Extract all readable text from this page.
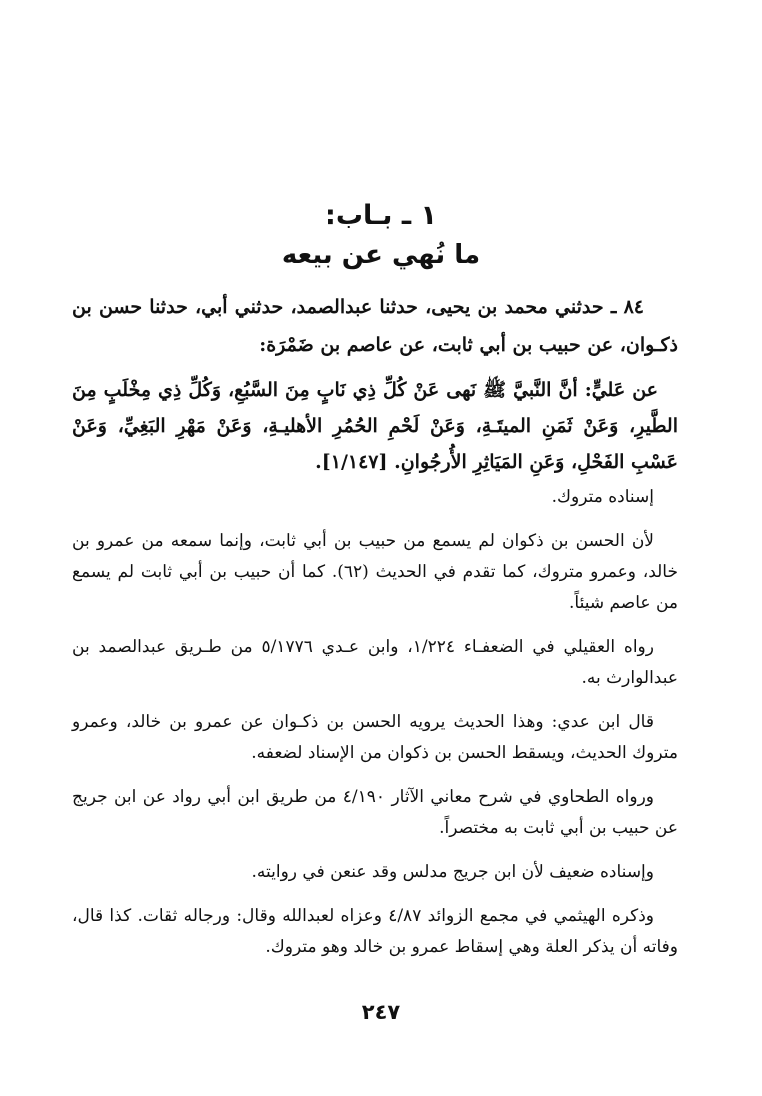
١ ـ بـاب:
ما نُهي عن بيعه

٨٤ ـ حدثني محمد بن يحيى، حدثنا عبدالصمد، حدثني أبي، حدثنا حسن بن ذكـوان، عن حبيب بن أبي ثابت، عن عاصم بن ضَمْرَة:

عن عَليٍّ: أنَّ النَّبيَّ ﷺ نَهى عَنْ كُلِّ ذِي نَابٍ مِنَ السَّبُعِ، وَكُلِّ ذِي مِخْلَبٍ مِنَ الطَّيرِ، وَعَنْ ثَمَنِ الميتَـةِ، وَعَنْ لَحْمِ الحُمُرِ الأهليـةِ، وَعَنْ مَهْرِ البَغِيِّ، وَعَنْ عَسْبِ الفَحْلِ، وَعَنِ المَيَاثِرِ الأُرجُوانِ. [١/١٤٧].

إسناده متروك.

لأن الحسن بن ذكوان لم يسمع من حبيب بن أبي ثابت، وإنما سمعه من عمرو بن خالد، وعمرو متروك، كما تقدم في الحديث (٦٢). كما أن حبيب بن أبي ثابت لم يسمع من عاصم شيئاً.

رواه العقيلي في الضعفـاء ١/٢٢٤، وابن عـدي ٥/١٧٧٦ من طـريق عبدالصمد بن عبدالوارث به.

قال ابن عدي: وهذا الحديث يرويه الحسن بن ذكـوان عن عمرو بن خالد، وعمرو متروك الحديث، ويسقط الحسن بن ذكوان من الإسناد لضعفه.

ورواه الطحاوي في شرح معاني الآثار ٤/١٩٠ من طريق ابن أبي رواد عن ابن جريج عن حبيب بن أبي ثابت به مختصراً.

وإسناده ضعيف لأن ابن جريج مدلس وقد عنعن في روايته.

وذكره الهيثمي في مجمع الزوائد ٤/٨٧ وعزاه لعبدالله وقال: ورجاله ثقات. كذا قال، وفاته أن يذكر العلة وهي إسقاط عمرو بن خالد وهو متروك.

٢٤٧
